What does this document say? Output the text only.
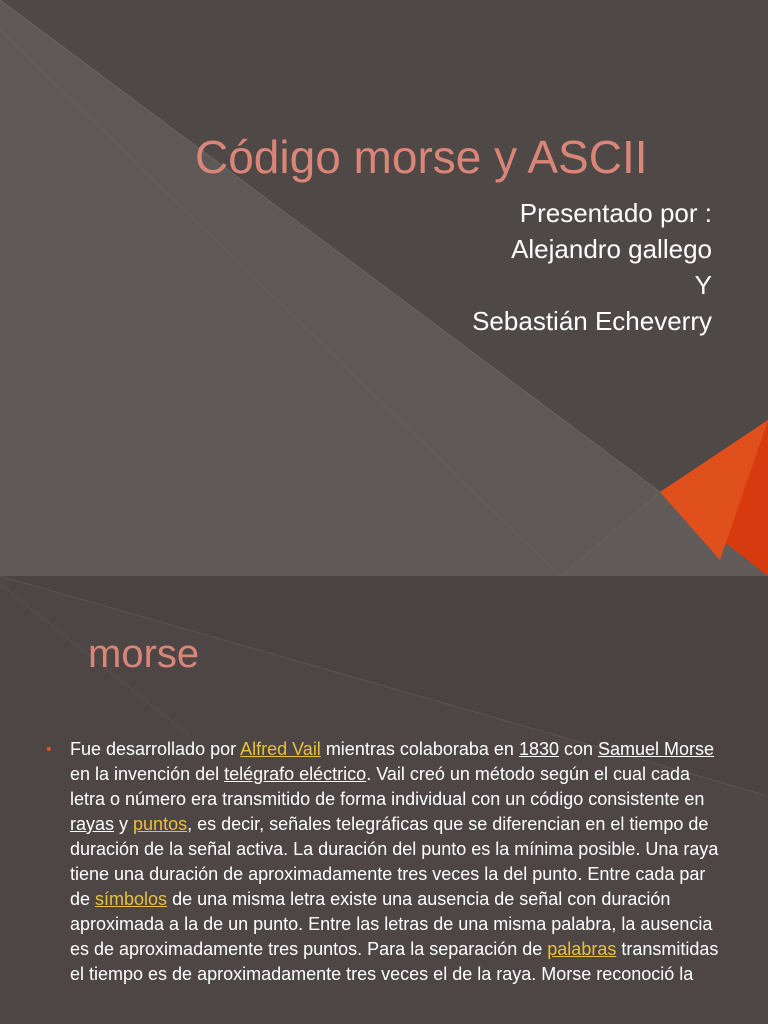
Código morse y ASCII
Presentado por :
Alejandro gallego
Y
Sebastián Echeverry
morse
• Fue desarrollado por Alfred Vail mientras colaboraba en 1830 con Samuel Morse en la invención del telégrafo eléctrico. Vail creó un método según el cual cada letra o número era transmitido de forma individual con un código consistente en rayas y puntos, es decir, señales telegráficas que se diferencian en el tiempo de duración de la señal activa. La duración del punto es la mínima posible. Una raya tiene una duración de aproximadamente tres veces la del punto. Entre cada par de símbolos de una misma letra existe una ausencia de señal con duración aproximada a la de un punto. Entre las letras de una misma palabra, la ausencia es de aproximadamente tres puntos. Para la separación de palabras transmitidas el tiempo es de aproximadamente tres veces el de la raya. Morse reconoció la
